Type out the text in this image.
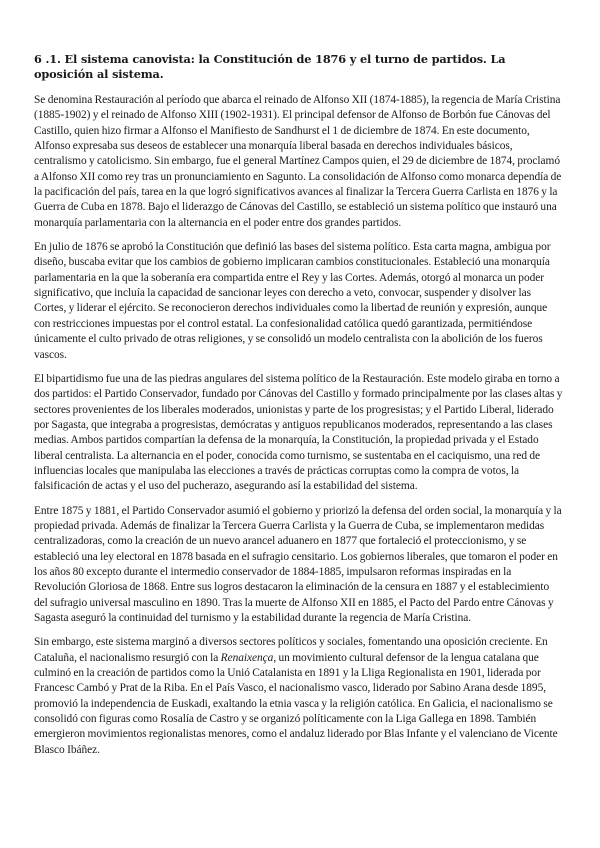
6 .1. El sistema canovista: la Constitución de 1876 y el turno de partidos. La oposición al sistema.

Se denomina Restauración al período que abarca el reinado de Alfonso XII (1874-1885), la regencia de María Cristina (1885-1902) y el reinado de Alfonso XIII (1902-1931). El principal defensor de Alfonso de Borbón fue Cánovas del Castillo, quien hizo firmar a Alfonso el Manifiesto de Sandhurst el 1 de diciembre de 1874. En este documento, Alfonso expresaba sus deseos de establecer una monarquía liberal basada en derechos individuales básicos, centralismo y catolicismo. Sin embargo, fue el general Martínez Campos quien, el 29 de diciembre de 1874, proclamó a Alfonso XII como rey tras un pronunciamiento en Sagunto. La consolidación de Alfonso como monarca dependía de la pacificación del país, tarea en la que logró significativos avances al finalizar la Tercera Guerra Carlista en 1876 y la Guerra de Cuba en 1878. Bajo el liderazgo de Cánovas del Castillo, se estableció un sistema político que instauró una monarquía parlamentaria con la alternancia en el poder entre dos grandes partidos.

En julio de 1876 se aprobó la Constitución que definió las bases del sistema político. Esta carta magna, ambigua por diseño, buscaba evitar que los cambios de gobierno implicaran cambios constitucionales. Estableció una monarquía parlamentaria en la que la soberanía era compartida entre el Rey y las Cortes. Además, otorgó al monarca un poder significativo, que incluía la capacidad de sancionar leyes con derecho a veto, convocar, suspender y disolver las Cortes, y liderar el ejército. Se reconocieron derechos individuales como la libertad de reunión y expresión, aunque con restricciones impuestas por el control estatal. La confesionalidad católica quedó garantizada, permitiéndose únicamente el culto privado de otras religiones, y se consolidó un modelo centralista con la abolición de los fueros vascos.

El bipartidismo fue una de las piedras angulares del sistema político de la Restauración. Este modelo giraba en torno a dos partidos: el Partido Conservador, fundado por Cánovas del Castillo y formado principalmente por las clases altas y sectores provenientes de los liberales moderados, unionistas y parte de los progresistas; y el Partido Liberal, liderado por Sagasta, que integraba a progresistas, demócratas y antiguos republicanos moderados, representando a las clases medias. Ambos partidos compartían la defensa de la monarquía, la Constitución, la propiedad privada y el Estado liberal centralista. La alternancia en el poder, conocida como turnismo, se sustentaba en el caciquismo, una red de influencias locales que manipulaba las elecciones a través de prácticas corruptas como la compra de votos, la falsificación de actas y el uso del pucherazo, asegurando así la estabilidad del sistema.

Entre 1875 y 1881, el Partido Conservador asumió el gobierno y priorizó la defensa del orden social, la monarquía y la propiedad privada. Además de finalizar la Tercera Guerra Carlista y la Guerra de Cuba, se implementaron medidas centralizadoras, como la creación de un nuevo arancel aduanero en 1877 que fortaleció el proteccionismo, y se estableció una ley electoral en 1878 basada en el sufragio censitario. Los gobiernos liberales, que tomaron el poder en los años 80 excepto durante el intermedio conservador de 1884-1885, impulsaron reformas inspiradas en la Revolución Gloriosa de 1868. Entre sus logros destacaron la eliminación de la censura en 1887 y el establecimiento del sufragio universal masculino en 1890. Tras la muerte de Alfonso XII en 1885, el Pacto del Pardo entre Cánovas y Sagasta aseguró la continuidad del turnismo y la estabilidad durante la regencia de María Cristina.

Sin embargo, este sistema marginó a diversos sectores políticos y sociales, fomentando una oposición creciente. En Cataluña, el nacionalismo resurgió con la Renaixença, un movimiento cultural defensor de la lengua catalana que culminó en la creación de partidos como la Unió Catalanista en 1891 y la Lliga Regionalista en 1901, liderada por Francesc Cambó y Prat de la Riba. En el País Vasco, el nacionalismo vasco, liderado por Sabino Arana desde 1895, promovió la independencia de Euskadi, exaltando la etnia vasca y la religión católica. En Galicia, el nacionalismo se consolidó con figuras como Rosalía de Castro y se organizó políticamente con la Liga Gallega en 1898. También emergieron movimientos regionalistas menores, como el andaluz liderado por Blas Infante y el valenciano de Vicente Blasco Ibáñez.
